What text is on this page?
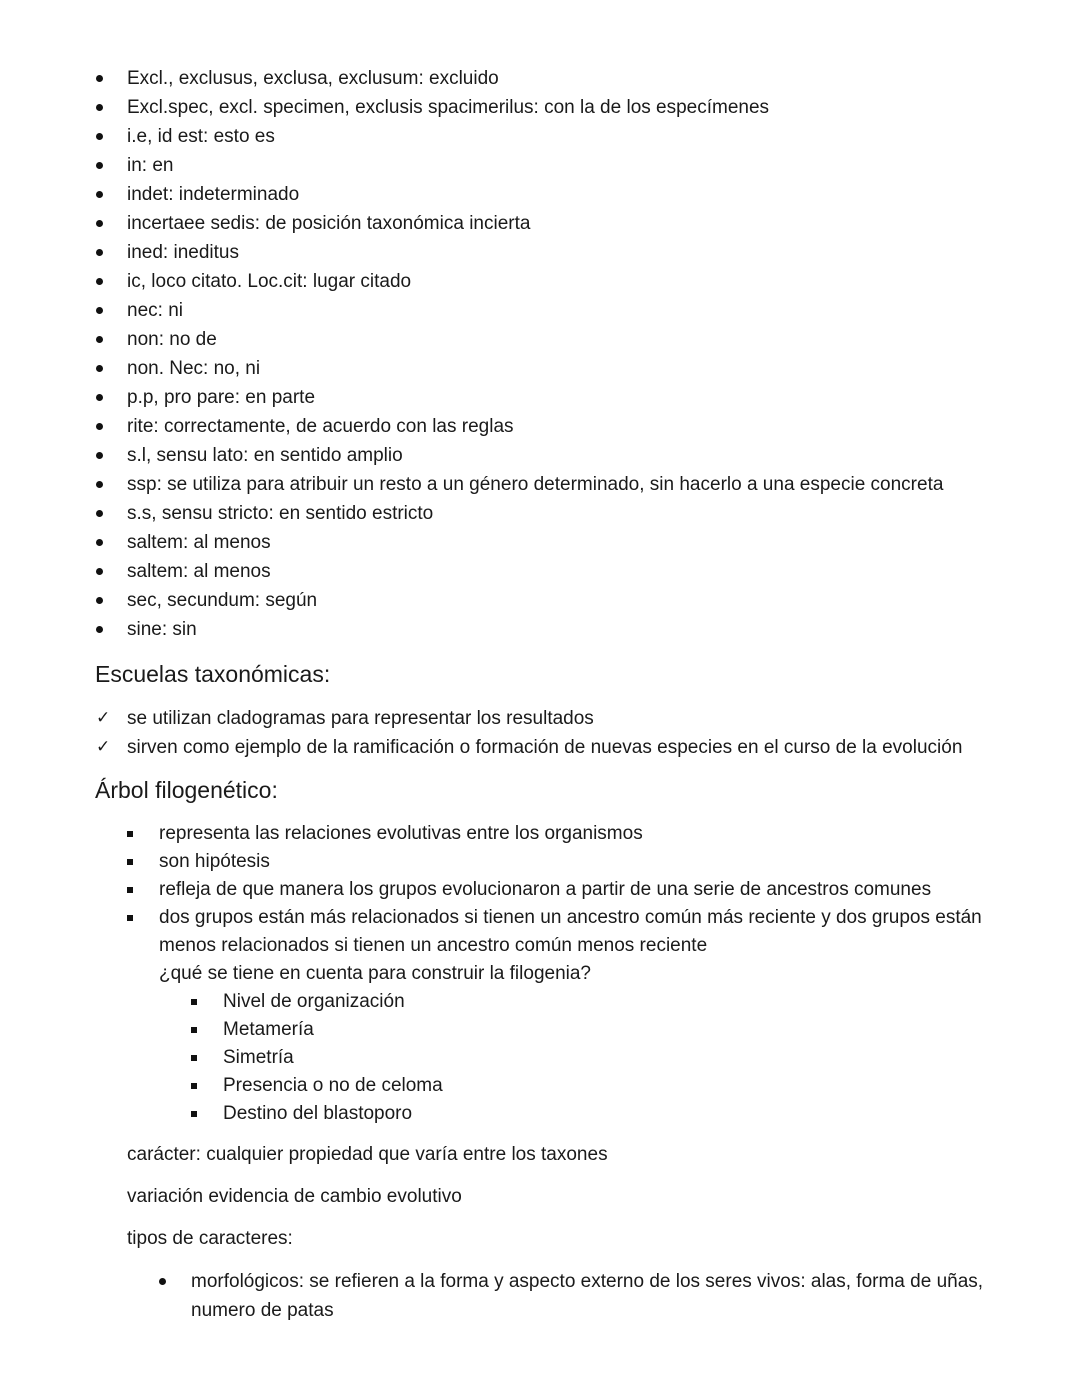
Excl., exclusus, exclusa, exclusum: excluido
Excl.spec, excl. specimen, exclusis spacimerilus: con la de los especímenes
i.e, id est: esto es
in: en
indet: indeterminado
incertaee sedis: de posición taxonómica incierta
ined: ineditus
ic, loco citato. Loc.cit: lugar citado
nec: ni
non: no de
non. Nec: no, ni
p.p, pro pare: en parte
rite: correctamente, de acuerdo con las reglas
s.l, sensu lato: en sentido amplio
ssp: se utiliza para atribuir un resto a un género determinado, sin hacerlo a una especie concreta
s.s, sensu stricto: en sentido estricto
saltem: al menos
saltem: al menos
sec, secundum: según
sine: sin
Escuelas taxonómicas:
✓ se utilizan cladogramas para representar los resultados
✓ sirven como ejemplo de la ramificación o formación de nuevas especies en el curso de la evolución
Árbol filogenético:
representa las relaciones evolutivas entre los organismos
son hipótesis
refleja de que manera los grupos evolucionaron a partir de una serie de ancestros comunes
dos grupos están más relacionados si tienen un ancestro común más reciente y dos grupos están menos relacionados si tienen un ancestro común menos reciente
¿qué se tiene en cuenta para construir la filogenia?
Nivel de organización
Metamería
Simetría
Presencia o no de celoma
Destino del blastoporo

carácter: cualquier propiedad que varía entre los taxones

variación evidencia de cambio evolutivo

tipos de caracteres:

morfológicos: se refieren a la forma y aspecto externo de los seres vivos: alas, forma de uñas, numero de patas
